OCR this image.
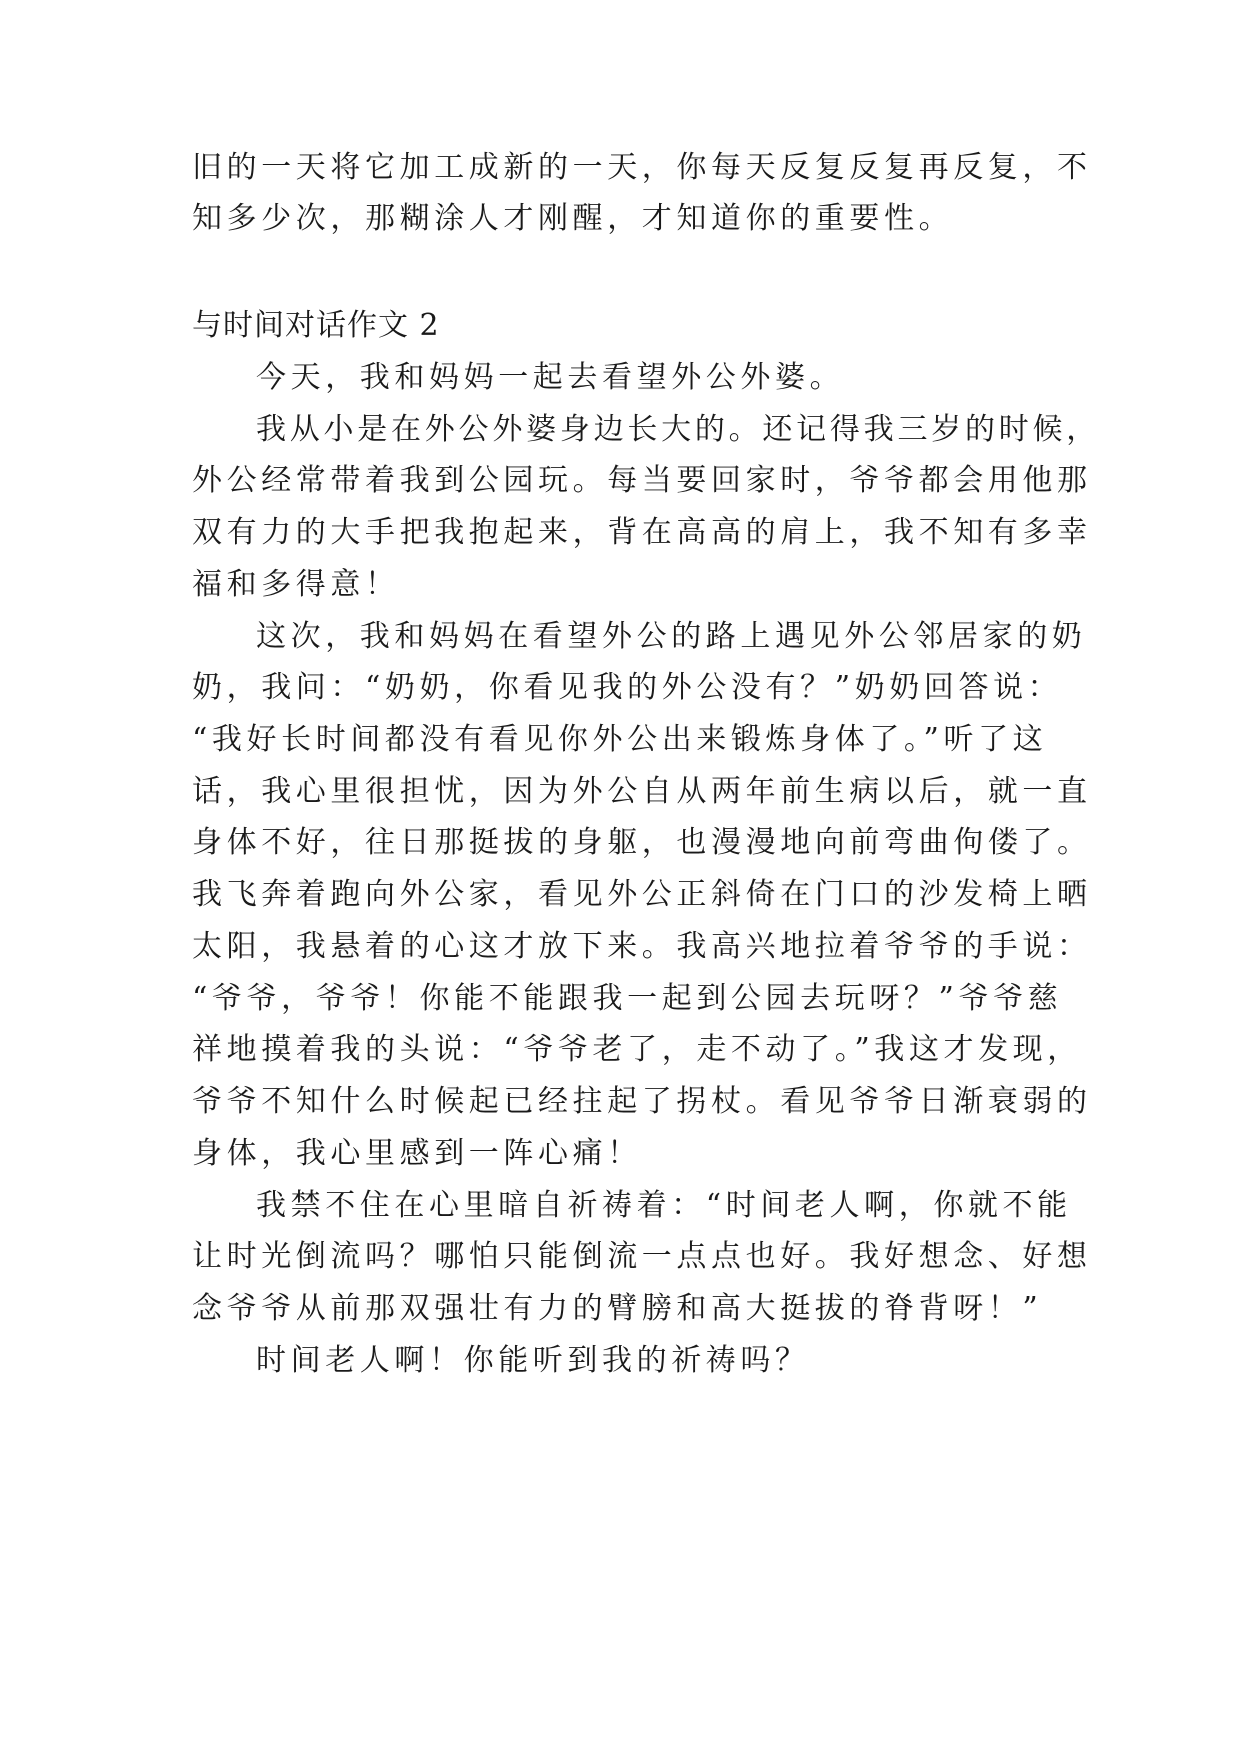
旧的一天将它加工成新的一天，你每天反复反复再反复，不
知多少次，那糊涂人才刚醒，才知道你的重要性。
与时间对话作文 2
今天，我和妈妈一起去看望外公外婆。
我从小是在外公外婆身边长大的。还记得我三岁的时候，
外公经常带着我到公园玩。每当要回家时，爷爷都会用他那
双有力的大手把我抱起来，背在高高的肩上，我不知有多幸
福和多得意！
这次，我和妈妈在看望外公的路上遇见外公邻居家的奶
奶，我问：“奶奶，你看见我的外公没有？”奶奶回答说：
“我好长时间都没有看见你外公出来锻炼身体了。”听了这
话，我心里很担忧，因为外公自从两年前生病以后，就一直
身体不好，往日那挺拔的身躯，也漫漫地向前弯曲佝偻了。
我飞奔着跑向外公家，看见外公正斜倚在门口的沙发椅上晒
太阳，我悬着的心这才放下来。我高兴地拉着爷爷的手说：
“爷爷，爷爷！你能不能跟我一起到公园去玩呀？”爷爷慈
祥地摸着我的头说：“爷爷老了，走不动了。”我这才发现，
爷爷不知什么时候起已经拄起了拐杖。看见爷爷日渐衰弱的
身体，我心里感到一阵心痛！
我禁不住在心里暗自祈祷着：“时间老人啊，你就不能
让时光倒流吗？哪怕只能倒流一点点也好。我好想念、好想
念爷爷从前那双强壮有力的臂膀和高大挺拔的脊背呀！”
时间老人啊！你能听到我的祈祷吗？
